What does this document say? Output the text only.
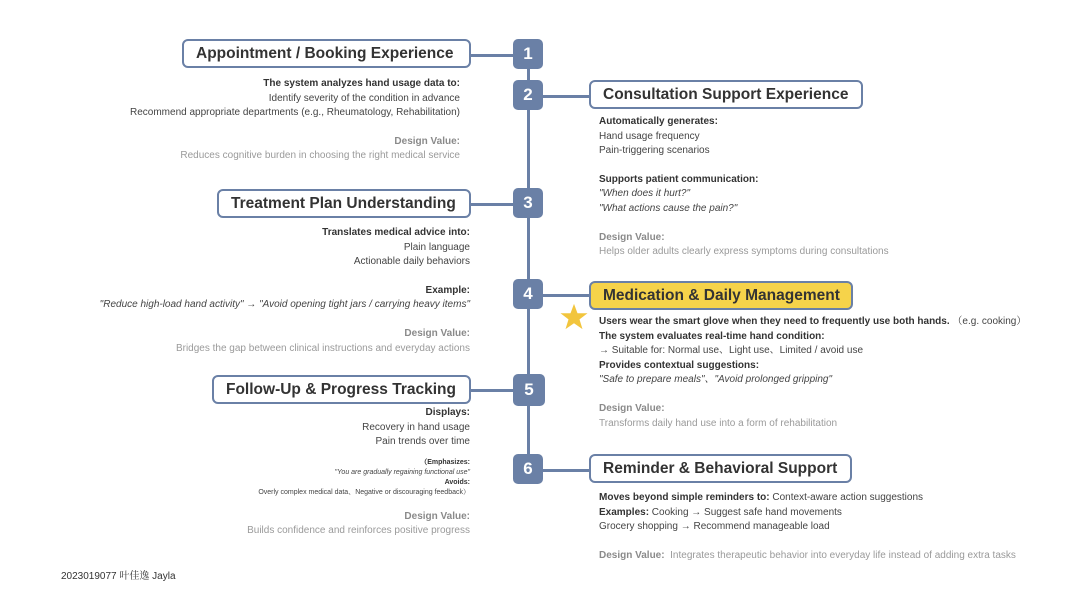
1
2
3
4
5
6
Appointment / Booking Experience
Consultation Support Experience
Treatment Plan Understanding
Medication & Daily Management
Follow-Up & Progress Tracking
Reminder & Behavioral Support
The system analyzes hand usage data to:
Identify severity of the condition in advance
Recommend appropriate departments (e.g., Rheumatology, Rehabilitation)
Design Value:
Reduces cognitive burden in choosing the right medical service
Automatically generates:
Hand usage frequency
Pain-triggering scenarios
Supports patient communication:
"When does it hurt?"
"What actions cause the pain?"
Design Value:
Helps older adults clearly express symptoms during consultations
Translates medical advice into:
Plain language
Actionable daily behaviors
Example:
"Reduce high-load hand activity" → "Avoid opening tight jars / carrying heavy items"
Design Value:
Bridges the gap between clinical instructions and everyday actions
Users wear the smart glove when they need to frequently use both hands. （e.g. cooking）
The system evaluates real-time hand condition:
→ Suitable for: Normal use、Light use、Limited / avoid use
Provides contextual suggestions:
"Safe to prepare meals"、"Avoid prolonged gripping"
Design Value:
Transforms daily hand use into a form of rehabilitation
Displays:
Recovery in hand usage
Pain trends over time
（Emphasizes:
"You are gradually regaining functional use"
Avoids:
Overly complex medical data、Negative or discouraging feedback）
Design Value:
Builds confidence and reinforces positive progress
Moves beyond simple reminders to: Context-aware action suggestions
Examples: Cooking → Suggest safe hand movements
Grocery shopping → Recommend manageable load
Design Value:  Integrates therapeutic behavior into everyday life instead of adding extra tasks
2023019077 叶佳逸 Jayla
